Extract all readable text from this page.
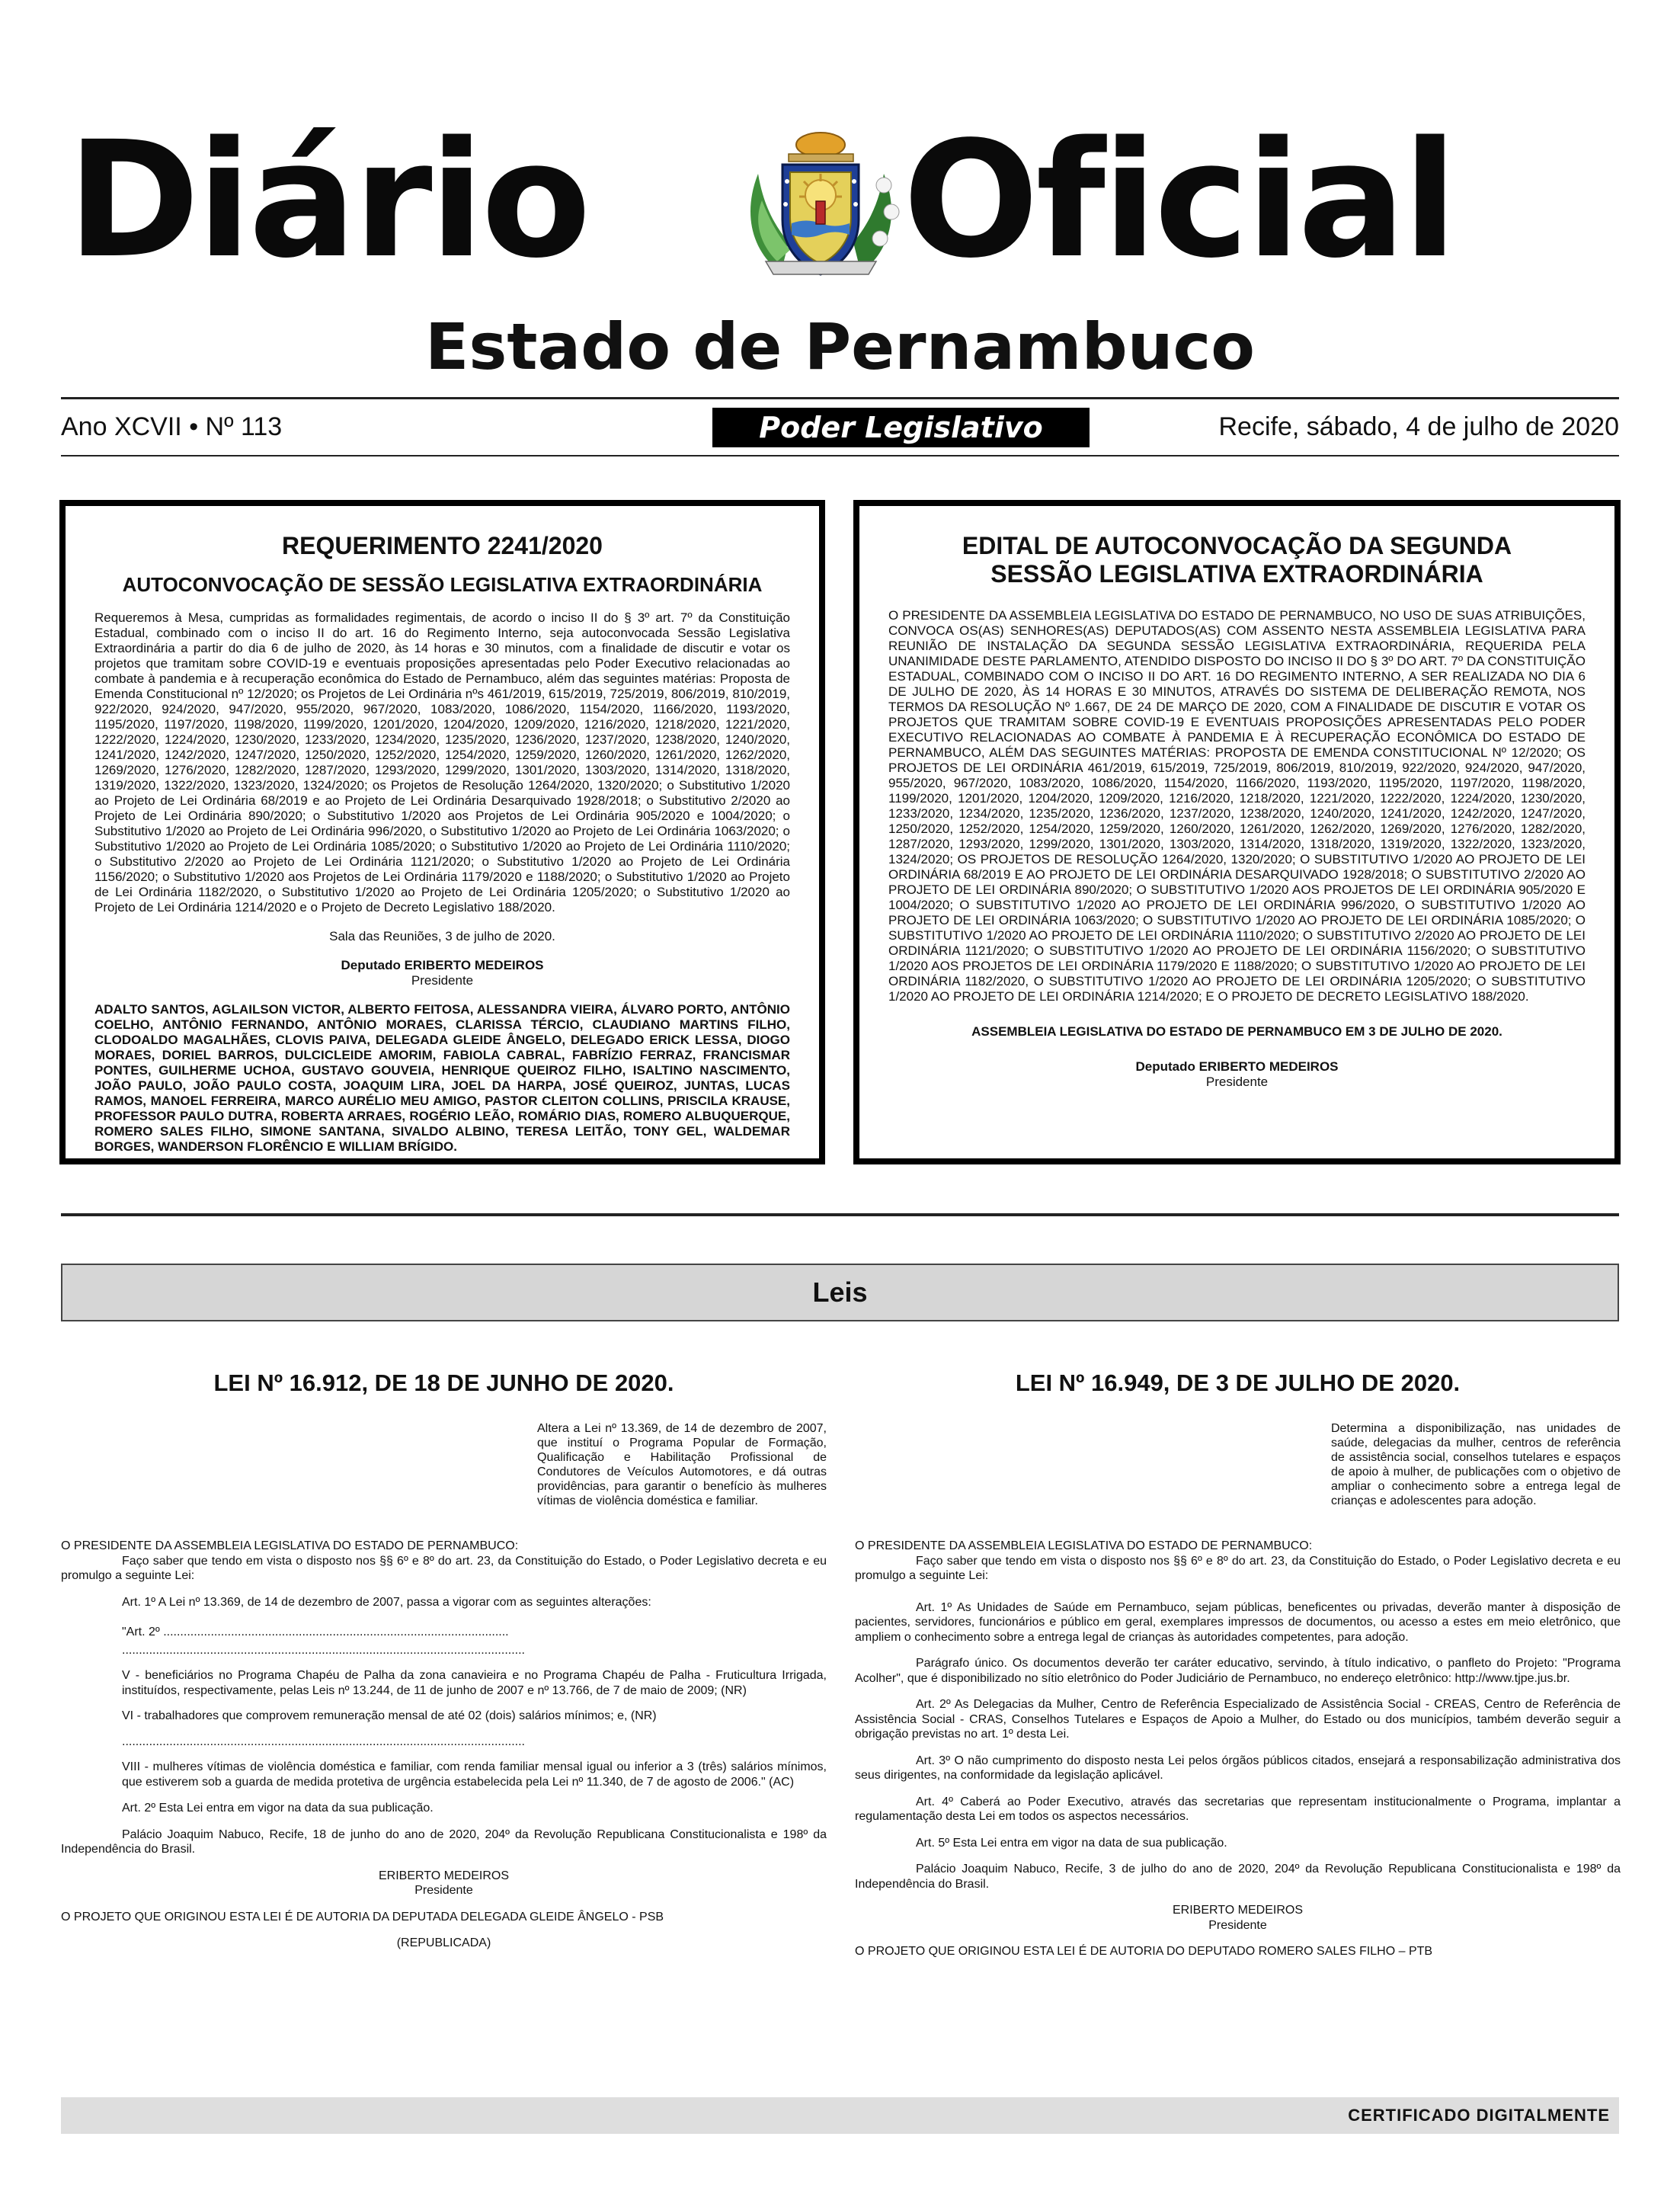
Diário Oficial
Estado de Pernambuco
Ano XCVII • Nº 113	Poder Legislativo	Recife, sábado, 4 de julho de 2020
REQUERIMENTO 2241/2020
AUTOCONVOCAÇÃO DE SESSÃO LEGISLATIVA EXTRAORDINÁRIA

Requeremos à Mesa, cumpridas as formalidades regimentais, de acordo o inciso II do § 3º art. 7º da Constituição Estadual, combinado com o inciso II do art. 16 do Regimento Interno, seja autoconvocada Sessão Legislativa Extraordinária a partir do dia 6 de julho de 2020, às 14 horas e 30 minutos, com a finalidade de discutir e votar os projetos que tramitam sobre COVID-19 e eventuais proposições apresentadas pelo Poder Executivo relacionadas ao combate à pandemia e à recuperação econômica do Estado de Pernambuco, além das seguintes matérias: Proposta de Emenda Constitucional nº 12/2020; os Projetos de Lei Ordinária nºs 461/2019, 615/2019, 725/2019, 806/2019, 810/2019, 922/2020, 924/2020, 947/2020, 955/2020, 967/2020, 1083/2020, 1086/2020, 1154/2020, 1166/2020, 1193/2020, 1195/2020, 1197/2020, 1198/2020, 1199/2020, 1201/2020, 1204/2020, 1209/2020, 1216/2020, 1218/2020, 1221/2020, 1222/2020, 1224/2020, 1230/2020, 1233/2020, 1234/2020, 1235/2020, 1236/2020, 1237/2020, 1238/2020, 1240/2020, 1241/2020, 1242/2020, 1247/2020, 1250/2020, 1252/2020, 1254/2020, 1259/2020, 1260/2020, 1261/2020, 1262/2020, 1269/2020, 1276/2020, 1282/2020, 1287/2020, 1293/2020, 1299/2020, 1301/2020, 1303/2020, 1314/2020, 1318/2020, 1319/2020, 1322/2020, 1323/2020, 1324/2020; os Projetos de Resolução 1264/2020, 1320/2020; o Substitutivo 1/2020 ao Projeto de Lei Ordinária 68/2019 e ao Projeto de Lei Ordinária Desarquivado 1928/2018; o Substitutivo 2/2020 ao Projeto de Lei Ordinária 890/2020; o Substitutivo 1/2020 aos Projetos de Lei Ordinária 905/2020 e 1004/2020; o Substitutivo 1/2020 ao Projeto de Lei Ordinária 996/2020, o Substitutivo 1/2020 ao Projeto de Lei Ordinária 1063/2020; o Substitutivo 1/2020 ao Projeto de Lei Ordinária 1085/2020; o Substitutivo 1/2020 ao Projeto de Lei Ordinária 1110/2020; o Substitutivo 2/2020 ao Projeto de Lei Ordinária 1121/2020; o Substitutivo 1/2020 ao Projeto de Lei Ordinária 1156/2020; o Substitutivo 1/2020 aos Projetos de Lei Ordinária 1179/2020 e 1188/2020; o Substitutivo 1/2020 ao Projeto de Lei Ordinária 1182/2020, o Substitutivo 1/2020 ao Projeto de Lei Ordinária 1205/2020; o Substitutivo 1/2020 ao Projeto de Lei Ordinária 1214/2020 e o Projeto de Decreto Legislativo 188/2020.

Sala das Reuniões, 3 de julho de 2020.

Deputado ERIBERTO MEDEIROS

Presidente

ADALTO SANTOS, AGLAILSON VICTOR, ALBERTO FEITOSA, ALESSANDRA VIEIRA, ÁLVARO PORTO, ANTÔNIO COELHO, ANTÔNIO FERNANDO, ANTÔNIO MORAES, CLARISSA TÉRCIO, CLAUDIANO MARTINS FILHO, CLODOALDO MAGALHÃES, CLOVIS PAIVA, DELEGADA GLEIDE ÂNGELO, DELEGADO ERICK LESSA, DIOGO MORAES, DORIEL BARROS, DULCICLEIDE AMORIM, FABIOLA CABRAL, FABRÍZIO FERRAZ, FRANCISMAR PONTES, GUILHERME UCHOA, GUSTAVO GOUVEIA, HENRIQUE QUEIROZ FILHO, ISALTINO NASCIMENTO, JOÃO PAULO, JOÃO PAULO COSTA, JOAQUIM LIRA, JOEL DA HARPA, JOSÉ QUEIROZ, JUNTAS, LUCAS RAMOS, MANOEL FERREIRA, MARCO AURÉLIO MEU AMIGO, PASTOR CLEITON COLLINS, PRISCILA KRAUSE, PROFESSOR PAULO DUTRA, ROBERTA ARRAES, ROGÉRIO LEÃO, ROMÁRIO DIAS, ROMERO ALBUQUERQUE, ROMERO SALES FILHO, SIMONE SANTANA, SIVALDO ALBINO, TERESA LEITÃO, TONY GEL, WALDEMAR BORGES, WANDERSON FLORÊNCIO E WILLIAM BRÍGIDO.

EDITAL DE AUTOCONVOCAÇÃO DA SEGUNDA
SESSÃO LEGISLATIVA EXTRAORDINÁRIA

O PRESIDENTE DA ASSEMBLEIA LEGISLATIVA DO ESTADO DE PERNAMBUCO, NO USO DE SUAS ATRIBUIÇÕES, CONVOCA OS(AS) SENHORES(AS) DEPUTADOS(AS) COM ASSENTO NESTA ASSEMBLEIA LEGISLATIVA PARA REUNIÃO DE INSTALAÇÃO DA SEGUNDA SESSÃO LEGISLATIVA EXTRAORDINÁRIA, REQUERIDA PELA UNANIMIDADE DESTE PARLAMENTO, ATENDIDO DISPOSTO DO INCISO II DO § 3º DO ART. 7º DA CONSTITUIÇÃO ESTADUAL, COMBINADO COM O INCISO II DO ART. 16 DO REGIMENTO INTERNO, A SER REALIZADA NO DIA 6 DE JULHO DE 2020, ÀS 14 HORAS E 30 MINUTOS, ATRAVÉS DO SISTEMA DE DELIBERAÇÃO REMOTA, NOS TERMOS DA RESOLUÇÃO Nº 1.667, DE 24 DE MARÇO DE 2020, COM A FINALIDADE DE DISCUTIR E VOTAR OS PROJETOS QUE TRAMITAM SOBRE COVID-19 E EVENTUAIS PROPOSIÇÕES APRESENTADAS PELO PODER EXECUTIVO RELACIONADAS AO COMBATE À PANDEMIA E À RECUPERAÇÃO ECONÔMICA DO ESTADO DE PERNAMBUCO, ALÉM DAS SEGUINTES MATÉRIAS: PROPOSTA DE EMENDA CONSTITUCIONAL Nº 12/2020; OS PROJETOS DE LEI ORDINÁRIA 461/2019, 615/2019, 725/2019, 806/2019, 810/2019, 922/2020, 924/2020, 947/2020, 955/2020, 967/2020, 1083/2020, 1086/2020, 1154/2020, 1166/2020, 1193/2020, 1195/2020, 1197/2020, 1198/2020, 1199/2020, 1201/2020, 1204/2020, 1209/2020, 1216/2020, 1218/2020, 1221/2020, 1222/2020, 1224/2020, 1230/2020, 1233/2020, 1234/2020, 1235/2020, 1236/2020, 1237/2020, 1238/2020, 1240/2020, 1241/2020, 1242/2020, 1247/2020, 1250/2020, 1252/2020, 1254/2020, 1259/2020, 1260/2020, 1261/2020, 1262/2020, 1269/2020, 1276/2020, 1282/2020, 1287/2020, 1293/2020, 1299/2020, 1301/2020, 1303/2020, 1314/2020, 1318/2020, 1319/2020, 1322/2020, 1323/2020, 1324/2020; OS PROJETOS DE RESOLUÇÃO 1264/2020, 1320/2020; O SUBSTITUTIVO 1/2020 AO PROJETO DE LEI ORDINÁRIA 68/2019 E AO PROJETO DE LEI ORDINÁRIA DESARQUIVADO 1928/2018; O SUBSTITUTIVO 2/2020 AO PROJETO DE LEI ORDINÁRIA 890/2020; O SUBSTITUTIVO 1/2020 AOS PROJETOS DE LEI ORDINÁRIA 905/2020 E 1004/2020; O SUBSTITUTIVO 1/2020 AO PROJETO DE LEI ORDINÁRIA 996/2020, O SUBSTITUTIVO 1/2020 AO PROJETO DE LEI ORDINÁRIA 1063/2020; O SUBSTITUTIVO 1/2020 AO PROJETO DE LEI ORDINÁRIA 1085/2020; O SUBSTITUTIVO 1/2020 AO PROJETO DE LEI ORDINÁRIA 1110/2020; O SUBSTITUTIVO 2/2020 AO PROJETO DE LEI ORDINÁRIA 1121/2020; O SUBSTITUTIVO 1/2020 AO PROJETO DE LEI ORDINÁRIA 1156/2020; O SUBSTITUTIVO 1/2020 AOS PROJETOS DE LEI ORDINÁRIA 1179/2020 E 1188/2020; O SUBSTITUTIVO 1/2020 AO PROJETO DE LEI ORDINÁRIA 1182/2020, O SUBSTITUTIVO 1/2020 AO PROJETO DE LEI ORDINÁRIA 1205/2020; O SUBSTITUTIVO 1/2020 AO PROJETO DE LEI ORDINÁRIA 1214/2020; E O PROJETO DE DECRETO LEGISLATIVO 188/2020.

ASSEMBLEIA LEGISLATIVA DO ESTADO DE PERNAMBUCO EM 3 DE JULHO DE 2020.

Deputado ERIBERTO MEDEIROS

Presidente

Leis
LEI Nº 16.912, DE 18 DE JUNHO DE 2020.
Altera a Lei nº 13.369, de 14 de dezembro de 2007, que instituí o Programa Popular de Formação, Qualificação e Habilitação Profissional de Condutores de Veículos Automotores, e dá outras providências, para garantir o benefício às mulheres vítimas de violência doméstica e familiar.

O PRESIDENTE DA ASSEMBLEIA LEGISLATIVA DO ESTADO DE PERNAMBUCO:

Faço saber que tendo em vista o disposto nos §§ 6º e 8º do art. 23, da Constituição do Estado, o Poder Legislativo decreta e eu promulgo a seguinte Lei:

Art. 1º A Lei nº 13.369, de 14 de dezembro de 2007, passa a vigorar com as seguintes alterações:

"Art. 2º ......................................................................................................

.......................................................................................................................

V - beneficiários no Programa Chapéu de Palha da zona canavieira e no Programa Chapéu de Palha - Fruticultura Irrigada, instituídos, respectivamente, pelas Leis nº 13.244, de 11 de junho de 2007 e nº 13.766, de 7 de maio de 2009; (NR)

VI - trabalhadores que comprovem remuneração mensal de até 02 (dois) salários mínimos; e, (NR)

.......................................................................................................................

VIII - mulheres vítimas de violência doméstica e familiar, com renda familiar mensal igual ou inferior a 3 (três) salários mínimos, que estiverem sob a guarda de medida protetiva de urgência estabelecida pela Lei nº 11.340, de 7 de agosto de 2006." (AC)

Art. 2º Esta Lei entra em vigor na data da sua publicação.

Palácio Joaquim Nabuco, Recife, 18 de junho do ano de 2020, 204º da Revolução Republicana Constitucionalista e 198º da Independência do Brasil.

ERIBERTO MEDEIROS

Presidente

O PROJETO QUE ORIGINOU ESTA LEI É DE AUTORIA DA DEPUTADA DELEGADA GLEIDE ÂNGELO - PSB

(REPUBLICADA)

LEI Nº 16.949, DE 3 DE JULHO DE 2020.
Determina a disponibilização, nas unidades de saúde, delegacias da mulher, centros de referência de assistência social, conselhos tutelares e espaços de apoio à mulher, de publicações com o objetivo de ampliar o conhecimento sobre a entrega legal de crianças e adolescentes para adoção.

O PRESIDENTE DA ASSEMBLEIA LEGISLATIVA DO ESTADO DE PERNAMBUCO:

Faço saber que tendo em vista o disposto nos §§ 6º e 8º do art. 23, da Constituição do Estado, o Poder Legislativo decreta e eu promulgo a seguinte Lei:

Art. 1º As Unidades de Saúde em Pernambuco, sejam públicas, beneficentes ou privadas, deverão manter à disposição de pacientes, servidores, funcionários e público em geral, exemplares impressos de documentos, ou acesso a estes em meio eletrônico, que ampliem o conhecimento sobre a entrega legal de crianças às autoridades competentes, para adoção.

Parágrafo único. Os documentos deverão ter caráter educativo, servindo, à título indicativo, o panfleto do Projeto: "Programa Acolher", que é disponibilizado no sítio eletrônico do Poder Judiciário de Pernambuco, no endereço eletrônico: http://www.tjpe.jus.br.

Art. 2º As Delegacias da Mulher, Centro de Referência Especializado de Assistência Social - CREAS, Centro de Referência de Assistência Social - CRAS, Conselhos Tutelares e Espaços de Apoio a Mulher, do Estado ou dos municípios, também deverão seguir a obrigação previstas no art. 1º desta Lei.

Art. 3º O não cumprimento do disposto nesta Lei pelos órgãos públicos citados, ensejará a responsabilização administrativa dos seus dirigentes, na conformidade da legislação aplicável.

Art. 4º Caberá ao Poder Executivo, através das secretarias que representam institucionalmente o Programa, implantar a regulamentação desta Lei em todos os aspectos necessários.

Art. 5º Esta Lei entra em vigor na data de sua publicação.

Palácio Joaquim Nabuco, Recife, 3 de julho do ano de 2020, 204º da Revolução Republicana Constitucionalista e 198º da Independência do Brasil.

ERIBERTO MEDEIROS

Presidente

O PROJETO QUE ORIGINOU ESTA LEI É DE AUTORIA DO DEPUTADO ROMERO SALES FILHO – PTB

CERTIFICADO DIGITALMENTE
